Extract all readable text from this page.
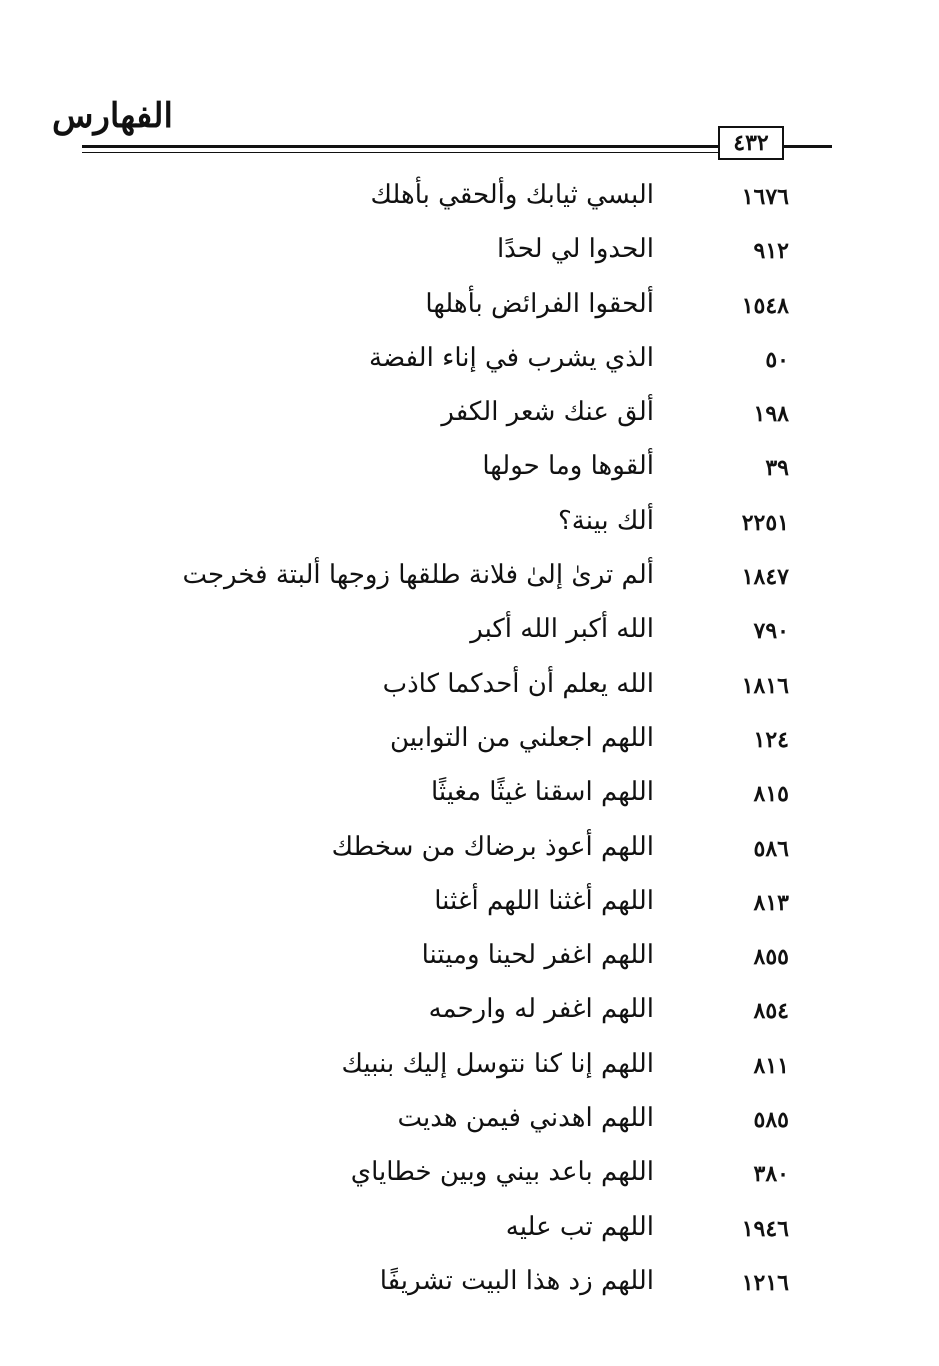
الفهارس
٤٣٢
١٦٧٦
البسي ثيابك وألحقي بأهلك
٩١٢
الحدوا لي لحدًا
١٥٤٨
ألحقوا الفرائض بأهلها
٥٠
الذي يشرب في إناء الفضة
١٩٨
ألق عنك شعر الكفر
٣٩
ألقوها وما حولها
٢٢٥١
ألك بينة؟
١٨٤٧
ألم ترىٰ إلىٰ فلانة طلقها زوجها ألبتة فخرجت
٧٩٠
الله أكبر الله أكبر
١٨١٦
الله يعلم أن أحدكما كاذب
١٢٤
اللهم اجعلني من التوابين
٨١٥
اللهم اسقنا غيثًا مغيثًا
٥٨٦
اللهم أعوذ برضاك من سخطك
٨١٣
اللهم أغثنا اللهم أغثنا
٨٥٥
اللهم اغفر لحينا وميتنا
٨٥٤
اللهم اغفر له وارحمه
٨١١
اللهم إنا كنا نتوسل إليك بنبيك
٥٨٥
اللهم اهدني فيمن هديت
٣٨٠
اللهم باعد بيني وبين خطاياي
١٩٤٦
اللهم تب عليه
١٢١٦
اللهم زد هذا البيت تشريفًا
